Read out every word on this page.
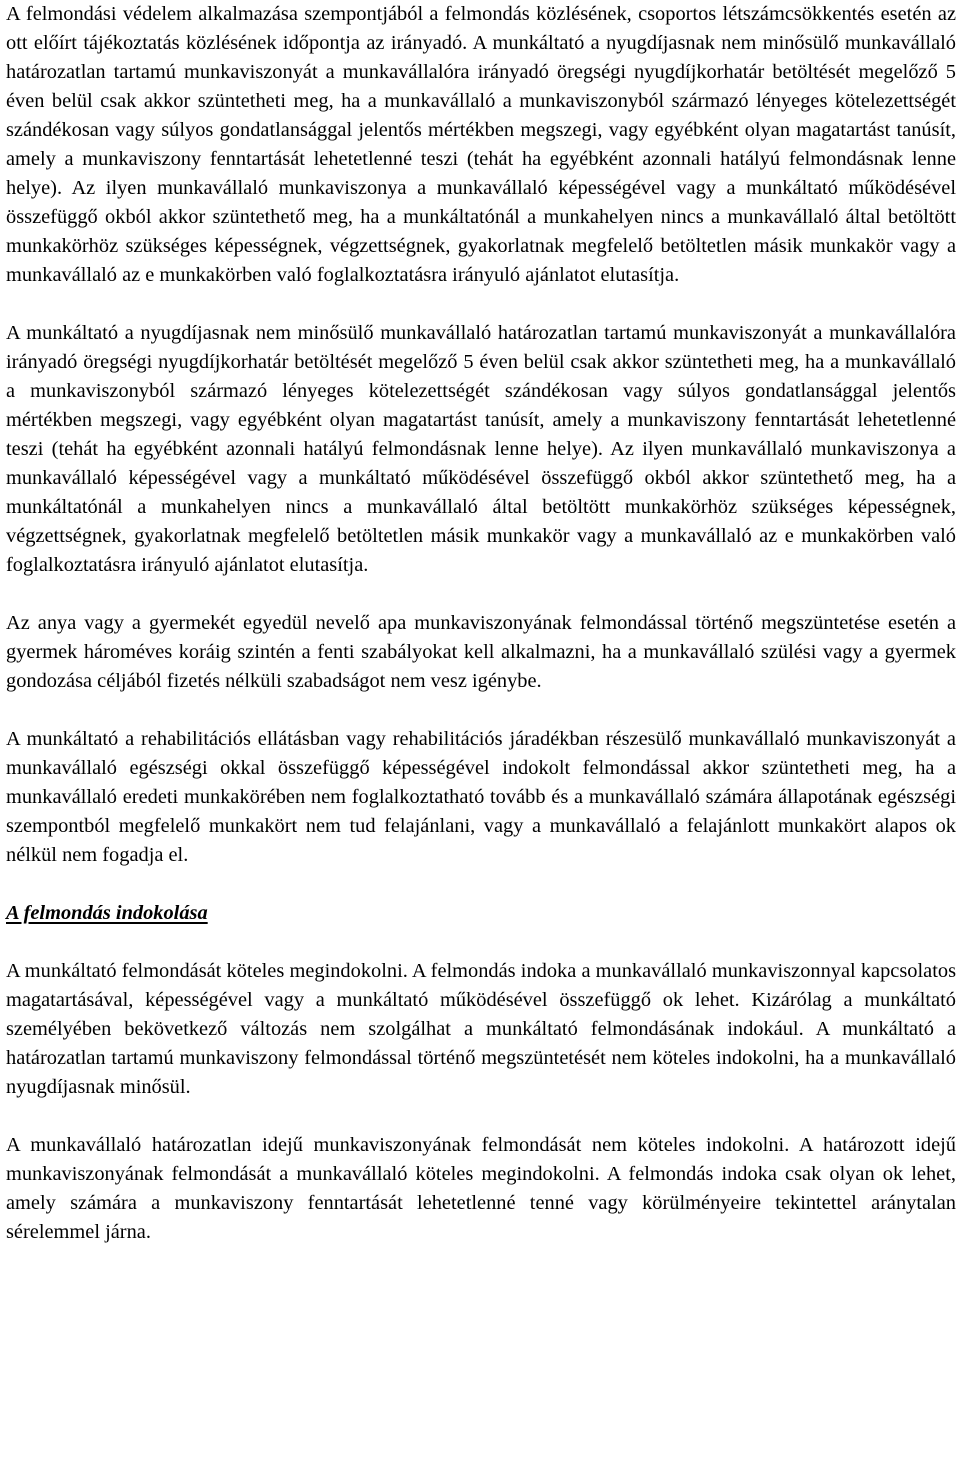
A felmondási védelem alkalmazása szempontjából a felmondás közlésének, csoportos létszámcsökkentés esetén az ott előírt tájékoztatás közlésének időpontja az irányadó. A munkáltató a nyugdíjasnak nem minősülő munkavállaló határozatlan tartamú munkaviszonyát a munkavállalóra irányadó öregségi nyugdíjkorhatár betöltését megelőző 5 éven belül csak akkor szüntetheti meg, ha a munkavállaló a munkaviszonyból származó lényeges kötelezettségét szándékosan vagy súlyos gondatlansággal jelentős mértékben megszegi, vagy egyébként olyan magatartást tanúsít, amely a munkaviszony fenntartását lehetetlenné teszi (tehát ha egyébként azonnali hatályú felmondásnak lenne helye). Az ilyen munkavállaló munkaviszonya a munkavállaló képességével vagy a munkáltató működésével összefüggő okból akkor szüntethető meg, ha a munkáltatónál a munkahelyen nincs a munkavállaló által betöltött munkakörhöz szükséges képességnek, végzettségnek, gyakorlatnak megfelelő betöltetlen másik munkakör vagy a munkavállaló az e munkakörben való foglalkoztatásra irányuló ajánlatot elutasítja.

A munkáltató a nyugdíjasnak nem minősülő munkavállaló határozatlan tartamú munkaviszonyát a munkavállalóra irányadó öregségi nyugdíjkorhatár betöltését megelőző 5 éven belül csak akkor szüntetheti meg, ha a munkavállaló a munkaviszonyból származó lényeges kötelezettségét szándékosan vagy súlyos gondatlansággal jelentős mértékben megszegi, vagy egyébként olyan magatartást tanúsít, amely a munkaviszony fenntartását lehetetlenné teszi (tehát ha egyébként azonnali hatályú felmondásnak lenne helye). Az ilyen munkavállaló munkaviszonya a munkavállaló képességével vagy a munkáltató működésével összefüggő okból akkor szüntethető meg, ha a munkáltatónál a munkahelyen nincs a munkavállaló által betöltött munkakörhöz szükséges képességnek, végzettségnek, gyakorlatnak megfelelő betöltetlen másik munkakör vagy a munkavállaló az e munkakörben való foglalkoztatásra irányuló ajánlatot elutasítja.

Az anya vagy a gyermekét egyedül nevelő apa munkaviszonyának felmondással történő megszüntetése esetén a gyermek hároméves koráig szintén a fenti szabályokat kell alkalmazni, ha a munkavállaló szülési vagy a gyermek gondozása céljából fizetés nélküli szabadságot nem vesz igénybe.

A munkáltató a rehabilitációs ellátásban vagy rehabilitációs járadékban részesülő munkavállaló munkaviszonyát a munkavállaló egészségi okkal összefüggő képességével indokolt felmondással akkor szüntetheti meg, ha a munkavállaló eredeti munkakörében nem foglalkoztatható tovább és a munkavállaló számára állapotának egészségi szempontból megfelelő munkakört nem tud felajánlani, vagy a munkavállaló a felajánlott munkakört alapos ok nélkül nem fogadja el.

A felmondás indokolása

A munkáltató felmondását köteles megindokolni. A felmondás indoka a munkavállaló munkaviszonnyal kapcsolatos magatartásával, képességével vagy a munkáltató működésével összefüggő ok lehet. Kizárólag a munkáltató személyében bekövetkező változás nem szolgálhat a munkáltató felmondásának indokául. A munkáltató a határozatlan tartamú munkaviszony felmondással történő megszüntetését nem köteles indokolni, ha a munkavállaló nyugdíjasnak minősül.

A munkavállaló határozatlan idejű munkaviszonyának felmondását nem köteles indokolni. A határozott idejű munkaviszonyának felmondását a munkavállaló köteles megindokolni. A felmondás indoka csak olyan ok lehet, amely számára a munkaviszony fenntartását lehetetlenné tenné vagy körülményeire tekintettel aránytalan sérelemmel járna.
